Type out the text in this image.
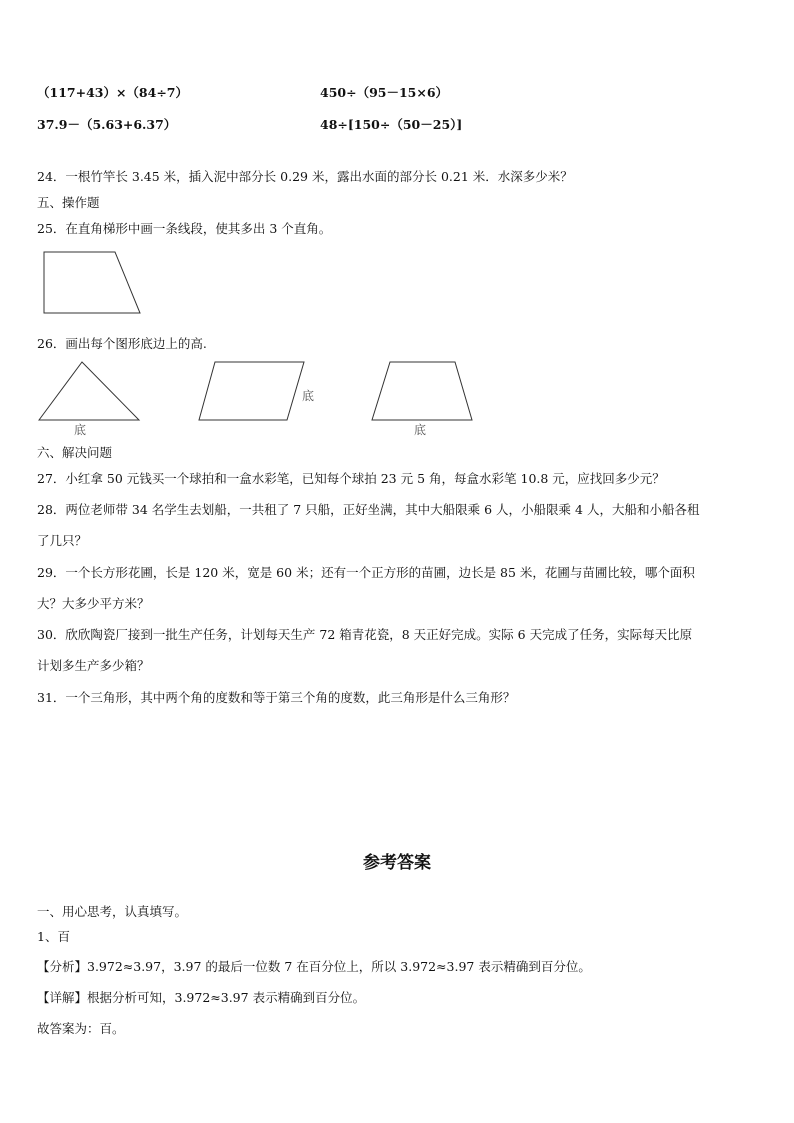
（117+43）×（84÷7）	450÷（95－15×6）
37.9－（5.63+6.37）	48÷[150÷（50－25）]
24．一根竹竿长 3.45 米，插入泥中部分长 0.29 米，露出水面的部分长 0.21 米．水深多少米？
五、操作题
25．在直角梯形中画一条线段，使其多出 3 个直角。
26．画出每个图形底边上的高.
底
底
底
六、解决问题
27．小红拿 50 元钱买一个球拍和一盒水彩笔，已知每个球拍 23 元 5 角，每盒水彩笔 10.8 元，应找回多少元？
28．两位老师带 34 名学生去划船，一共租了 7 只船，正好坐满，其中大船限乘 6 人，小船限乘 4 人，大船和小船各租
了几只？
29．一个长方形花圃，长是 120 米，宽是 60 米；还有一个正方形的苗圃，边长是 85 米，花圃与苗圃比较，哪个面积
大？大多少平方米？
30．欣欣陶瓷厂接到一批生产任务，计划每天生产 72 箱青花瓷，8 天正好完成。实际 6 天完成了任务，实际每天比原
计划多生产多少箱？
31．一个三角形，其中两个角的度数和等于第三个角的度数，此三角形是什么三角形？
参考答案
一、用心思考，认真填写。
1、百
【分析】3.972≈3.97，3.97 的最后一位数 7 在百分位上，所以 3.972≈3.97 表示精确到百分位。
【详解】根据分析可知，3.972≈3.97 表示精确到百分位。
故答案为：百。
